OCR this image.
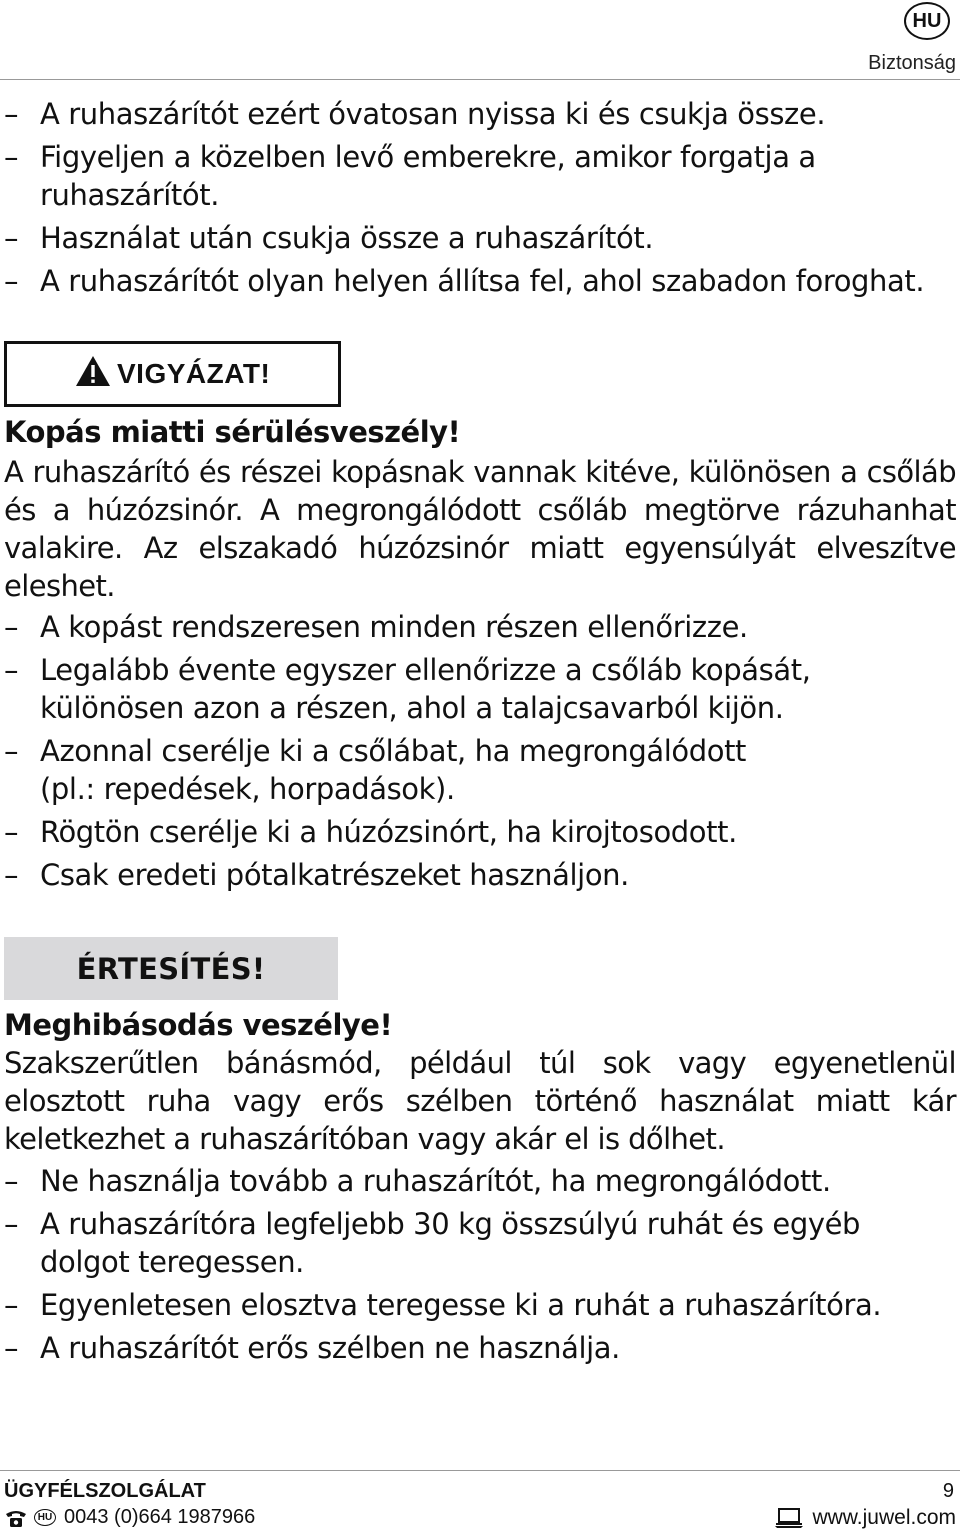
HU
Biztonság
– A ruhaszárítót ezért óvatosan nyissa ki és csukja össze.
– Figyeljen a közelben levő emberekre, amikor forgatja a ruhaszárítót.
– Használat után csukja össze a ruhaszárítót.
– A ruhaszárítót olyan helyen állítsa fel, ahol szabadon foroghat.
VIGYÁZAT!
Kopás miatti sérülésveszély!
A ruhaszárító és részei kopásnak vannak kitéve, különösen a csőláb és a húzózsinór. A megrongálódott csőláb megtörve rázuhanhat valakire. Az elszakadó húzózsinór miatt egyensúlyát elveszítve eleshet.
– A kopást rendszeresen minden részen ellenőrizze.
– Legalább évente egyszer ellenőrizze a csőláb kopását, különösen azon a részen, ahol a talajcsavarból kijön.
– Azonnal cserélje ki a csőlábat, ha megrongálódott (pl.: repedések, horpadások).
– Rögtön cserélje ki a húzózsinórt, ha kirojtosodott.
– Csak eredeti pótalkatrészeket használjon.
ÉRTESÍTÉS!
Meghibásodás veszélye!
Szakszerűtlen bánásmód, például túl sok vagy egyenetlenül elosztott ruha vagy erős szélben történő használat miatt kár keletkezhet a ruhaszárítóban vagy akár el is dőlhet.
– Ne használja tovább a ruhaszárítót, ha megrongálódott.
– A ruhaszárítóra legfeljebb 30 kg összsúlyú ruhát és egyéb dolgot teregessen.
– Egyenletesen elosztva teregesse ki a ruhát a ruhaszárítóra.
– A ruhaszárítót erős szélben ne használja.
ÜGYFÉLSZOLGÁLAT	9
HU 0043 (0)664 1987966	www.juwel.com
